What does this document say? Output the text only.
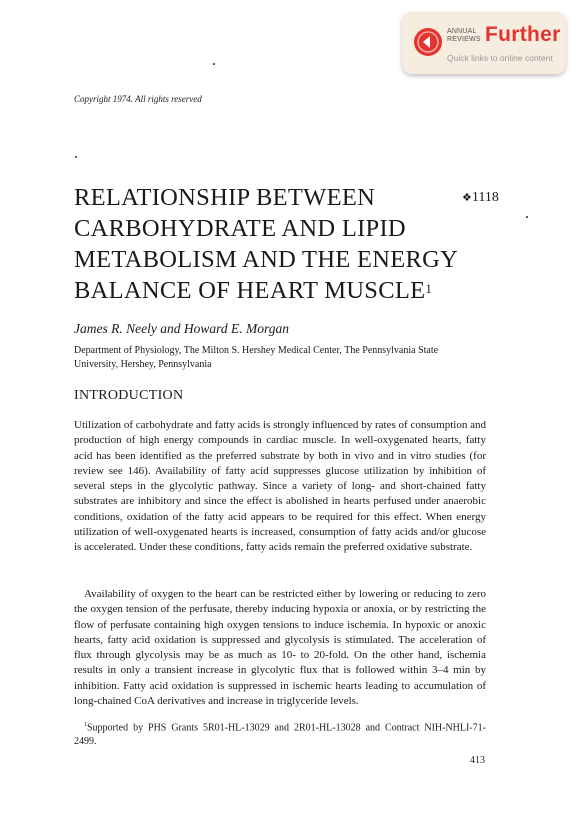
ANNUAL
REVIEWS Further
Quick links to online content
Copyright 1974. All rights reserved
RELATIONSHIP BETWEEN CARBOHYDRATE AND LIPID METABOLISM AND THE ENERGY BALANCE OF HEART MUSCLE$^1$
❖1118
James R. Neely and Howard E. Morgan
Department of Physiology, The Milton S. Hershey Medical Center, The Pennsylvania State University, Hershey, Pennsylvania
INTRODUCTION

Utilization of carbohydrate and fatty acids is strongly influenced by rates of consumption and production of high energy compounds in cardiac muscle. In well-oxygenated hearts, fatty acid has been identified as the preferred substrate by both in vivo and in vitro studies (for review see 146). Availability of fatty acid suppresses glucose utilization by inhibition of several steps in the glycolytic pathway. Since a variety of long- and short-chained fatty substrates are inhibitory and since the effect is abolished in hearts perfused under anaerobic conditions, oxidation of the fatty acid appears to be required for this effect. When energy utilization of well-oxygenated hearts is increased, consumption of fatty acids and/or glucose is accelerated. Under these conditions, fatty acids remain the preferred oxidative substrate.

Availability of oxygen to the heart can be restricted either by lowering or reducing to zero the oxygen tension of the perfusate, thereby inducing hypoxia or anoxia, or by restricting the flow of perfusate containing high oxygen tensions to induce ischemia. In hypoxic or anoxic hearts, fatty acid oxidation is suppressed and glycolysis is stimulated. The acceleration of flux through glycolysis may be as much as 10- to 20-fold. On the other hand, ischemia results in only a transient increase in glycolytic flux that is followed within 3–4 min by inhibition. Fatty acid oxidation is suppressed in ischemic hearts leading to accumulation of long-chained CoA derivatives and increase in triglyceride levels.

$^1$Supported by PHS Grants 5R01-HL-13029 and 2R01-HL-13028 and Contract NIH-NHLI-71-2499.

413
